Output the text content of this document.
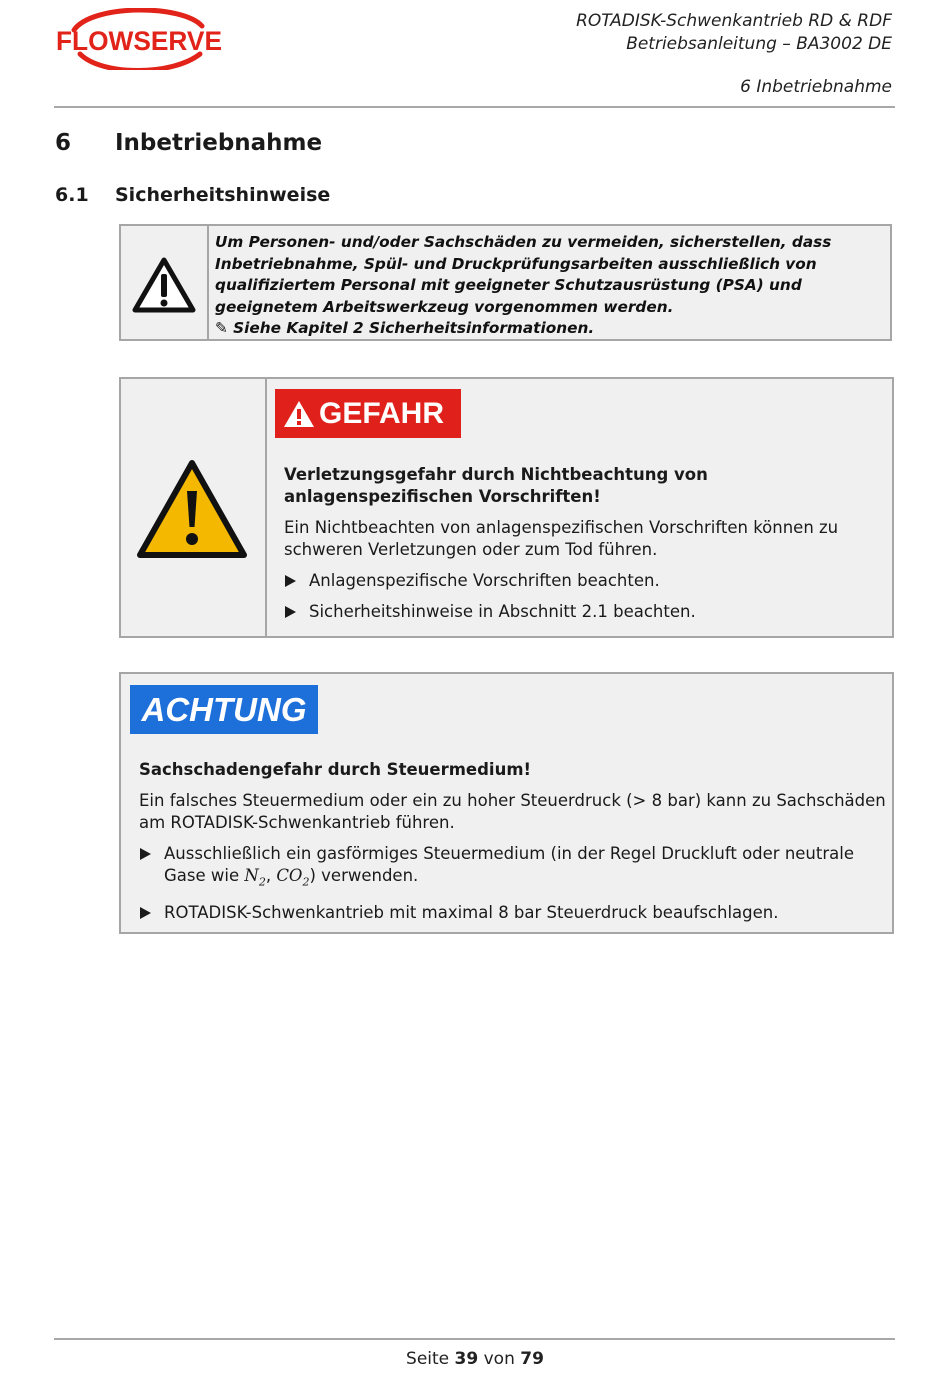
FLOWSERVE
ROTADISK-Schwenkantrieb RD & RDF
Betriebsanleitung – BA3002 DE
6 Inbetriebnahme
6 Inbetriebnahme
6.1 Sicherheitshinweise
Um Personen- und/oder Sachschäden zu vermeiden, sicherstellen, dass Inbetriebnahme, Spül- und Druckprüfungsarbeiten ausschließlich von qualifiziertem Personal mit geeigneter Schutzausrüstung (PSA) und geeignetem Arbeitswerkzeug vorgenommen werden.
✎ Siehe Kapitel 2 Sicherheitsinformationen.
GEFAHR

Verletzungsgefahr durch Nichtbeachtung von anlagenspezifischen Vorschriften!

Ein Nichtbeachten von anlagenspezifischen Vorschriften können zu schweren Verletzungen oder zum Tod führen.

Anlagenspezifische Vorschriften beachten.
Sicherheitshinweise in Abschnitt 2.1 beachten.
ACHTUNG

Sachschadengefahr durch Steuermedium!

Ein falsches Steuermedium oder ein zu hoher Steuerdruck (> 8 bar) kann zu Sachschäden am ROTADISK-Schwenkantrieb führen.

Ausschließlich ein gasförmiges Steuermedium (in der Regel Druckluft oder neutrale Gase wie $N_2$, $CO_2$) verwenden.
ROTADISK-Schwenkantrieb mit maximal 8 bar Steuerdruck beaufschlagen.
Seite 39 von 79
